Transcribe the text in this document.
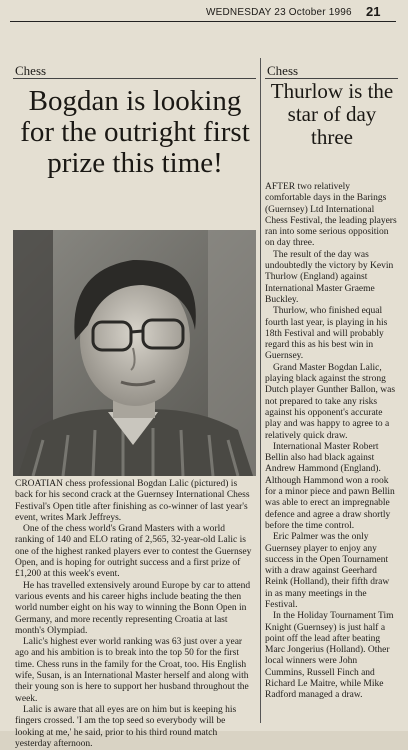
WEDNESDAY 23 October 1996 21
Chess	Chess
Bogdan is looking for the outright first prize this time!
Thurlow is the star of day three

CROATIAN chess professional Bogdan Lalic (pictured) is back for his second crack at the Guernsey International Chess Festival's Open title after finishing as co-winner of last year's event, writes Mark Jeffreys.

One of the chess world's Grand Masters with a world ranking of 140 and ELO rating of 2,565, 32-year-old Lalic is one of the highest ranked players ever to contest the Guernsey Open, and is hoping for outright success and a first prize of £1,200 at this week's event.

He has travelled extensively around Europe by car to attend various events and his career highs include beating the then world number eight on his way to winning the Bonn Open in Germany, and more recently representing Croatia at last month's Olympiad.

Lalic's highest ever world ranking was 63 just over a year ago and his ambition is to break into the top 50 for the first time. Chess runs in the family for the Croat, too. His English wife, Susan, is an International Master herself and along with their young son is here to support her husband throughout the week.

Lalic is aware that all eyes are on him but is keeping his fingers crossed. 'I am the top seed so everybody will be looking at me,' he said, prior to his third round match yesterday afternoon.

AFTER two relatively comfortable days in the Barings (Guernsey) Ltd International Chess Festival, the leading players ran into some serious opposition on day three.

The result of the day was undoubtedly the victory by Kevin Thurlow (England) against International Master Graeme Buckley.

Thurlow, who finished equal fourth last year, is playing in his 18th Festival and will probably regard this as his best win in Guernsey.

Grand Master Bogdan Lalic, playing black against the strong Dutch player Gunther Ballon, was not prepared to take any risks against his opponent's accurate play and was happy to agree to a relatively quick draw.

International Master Robert Bellin also had black against Andrew Hammond (England). Although Hammond won a rook for a minor piece and pawn Bellin was able to erect an impregnable defence and agree a draw shortly before the time control.

Eric Palmer was the only Guernsey player to enjoy any success in the Open Tournament with a draw against Geerhard Reink (Holland), their fifth draw in as many meetings in the Festival.

In the Holiday Tournament Tim Knight (Guernsey) is just half a point off the lead after beating Marc Jongerius (Holland). Other local winners were John Cummins, Russell Finch and Richard Le Maitre, while Mike Radford managed a draw.
